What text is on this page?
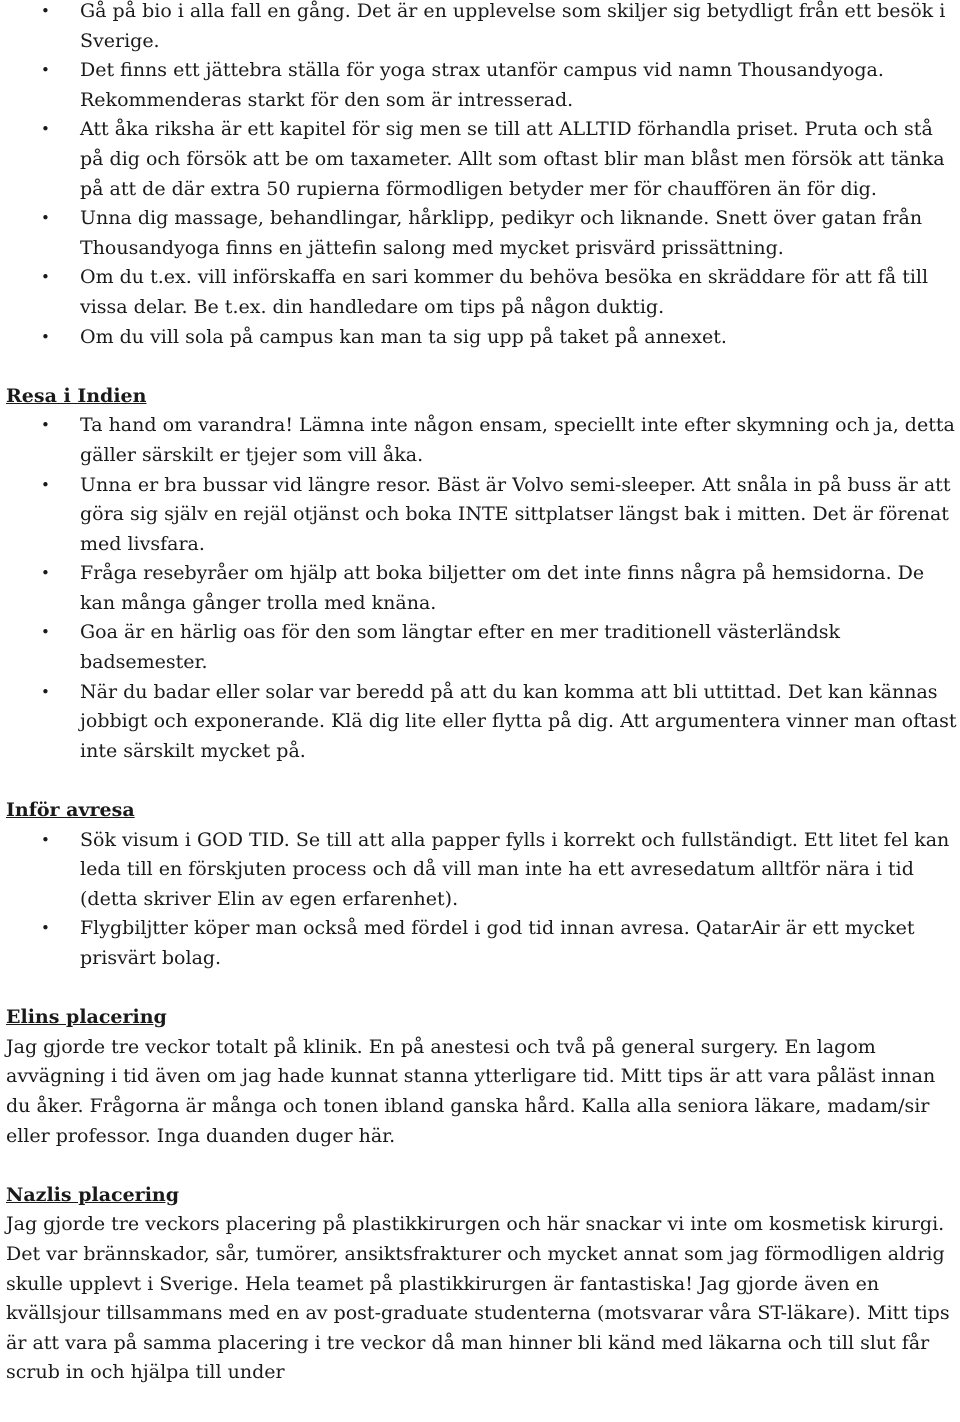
• Gå på bio i alla fall en gång. Det är en upplevelse som skiljer sig betydligt från ett besök i Sverige.
• Det finns ett jättebra ställa för yoga strax utanför campus vid namn Thousandyoga. Rekommenderas starkt för den som är intresserad.
• Att åka riksha är ett kapitel för sig men se till att ALLTID förhandla priset. Pruta och stå på dig och försök att be om taxameter. Allt som oftast blir man blåst men försök att tänka på att de där extra 50 rupierna förmodligen betyder mer för chauffören än för dig.
• Unna dig massage, behandlingar, hårklipp, pedikyr och liknande. Snett över gatan från Thousandyoga finns en jättefin salong med mycket prisvärd prissättning.
• Om du t.ex. vill införskaffa en sari kommer du behöva besöka en skräddare för att få till vissa delar. Be t.ex. din handledare om tips på någon duktig.
• Om du vill sola på campus kan man ta sig upp på taket på annexet.

Resa i Indien

• Ta hand om varandra! Lämna inte någon ensam, speciellt inte efter skymning och ja, detta gäller särskilt er tjejer som vill åka.
• Unna er bra bussar vid längre resor. Bäst är Volvo semi-sleeper. Att snåla in på buss är att göra sig själv en rejäl otjänst och boka INTE sittplatser längst bak i mitten. Det är förenat med livsfara.
• Fråga resebyråer om hjälp att boka biljetter om det inte finns några på hemsidorna. De kan många gånger trolla med knäna.
• Goa är en härlig oas för den som längtar efter en mer traditionell västerländsk badsemester.
• När du badar eller solar var beredd på att du kan komma att bli uttittad. Det kan kännas jobbigt och exponerande. Klä dig lite eller flytta på dig. Att argumentera vinner man oftast inte särskilt mycket på.

Inför avresa

• Sök visum i GOD TID. Se till att alla papper fylls i korrekt och fullständigt. Ett litet fel kan leda till en förskjuten process och då vill man inte ha ett avresedatum alltför nära i tid (detta skriver Elin av egen erfarenhet).
• Flygbiljtter köper man också med fördel i god tid innan avresa. QatarAir är ett mycket prisvärt bolag.

Elins placering

Jag gjorde tre veckor totalt på klinik. En på anestesi och två på general surgery. En lagom avvägning i tid även om jag hade kunnat stanna ytterligare tid. Mitt tips är att vara påläst innan du åker. Frågorna är många och tonen ibland ganska hård. Kalla alla seniora läkare, madam/sir eller professor. Inga duanden duger här.

Nazlis placering

Jag gjorde tre veckors placering på plastikkirurgen och här snackar vi inte om kosmetisk kirurgi. Det var brännskador, sår, tumörer, ansiktsfrakturer och mycket annat som jag förmodligen aldrig skulle upplevt i Sverige. Hela teamet på plastikkirurgen är fantastiska! Jag gjorde även en kvällsjour tillsammans med en av post-graduate studenterna (motsvarar våra ST-läkare). Mitt tips är att vara på samma placering i tre veckor då man hinner bli känd med läkarna och till slut får scrub in och hjälpa till under
